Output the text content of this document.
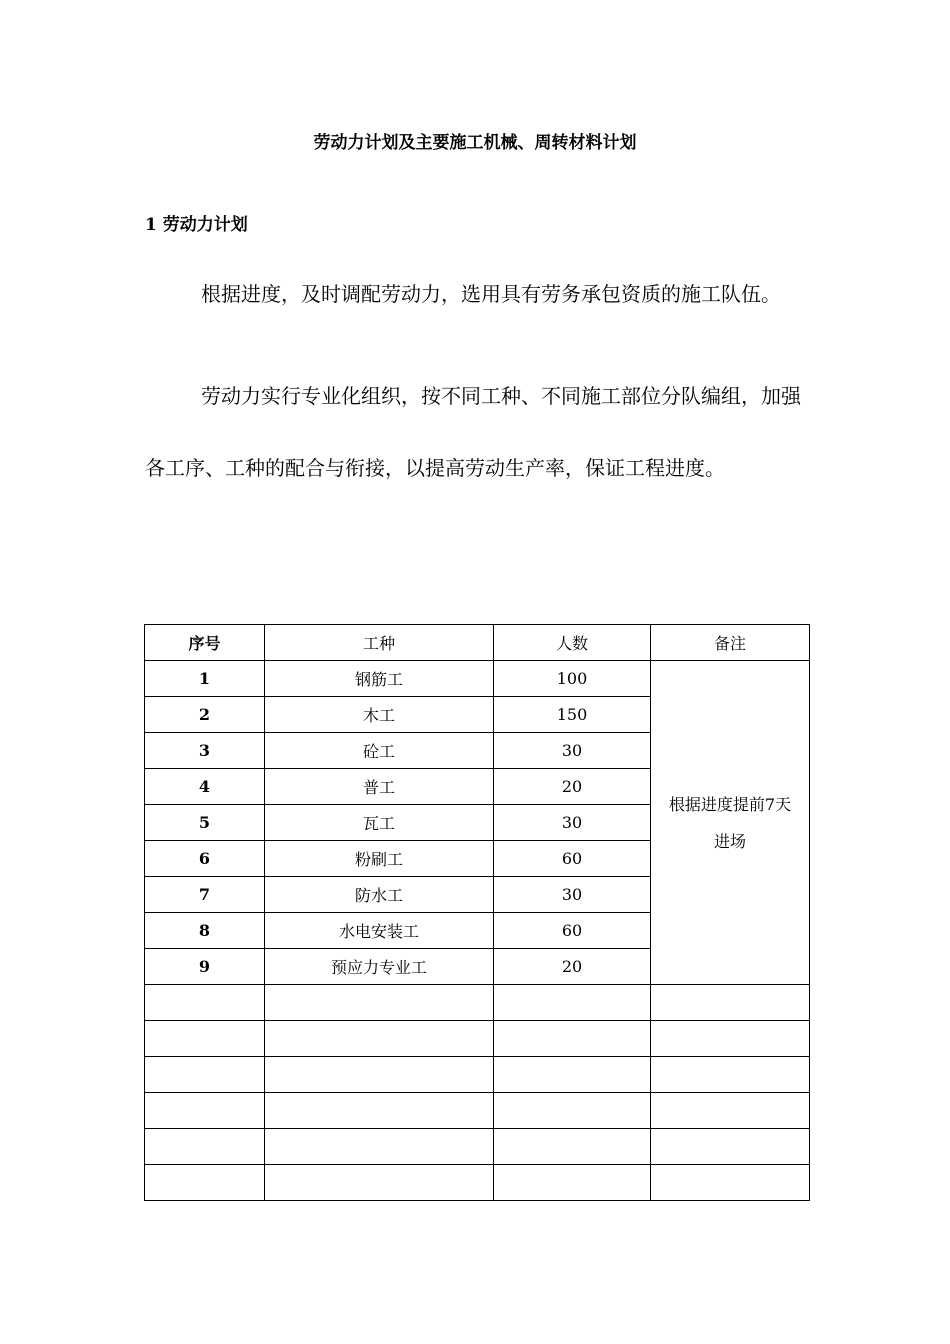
劳动力计划及主要施工机械、周转材料计划
1 劳动力计划
根据进度，及时调配劳动力，选用具有劳务承包资质的施工队伍。
劳动力实行专业化组织，按不同工种、不同施工部位分队编组，加强各工序、工种的配合与衔接，以提高劳动生产率，保证工程进度。
序号	工种	人数	备注
1	钢筋工	100	根据进度提前7天进场
2	木工	150	
3	砼工	30	
4	普工	20	
5	瓦工	30	
6	粉刷工	60	
7	防水工	30	
8	水电安装工	60	
9	预应力专业工	20	
